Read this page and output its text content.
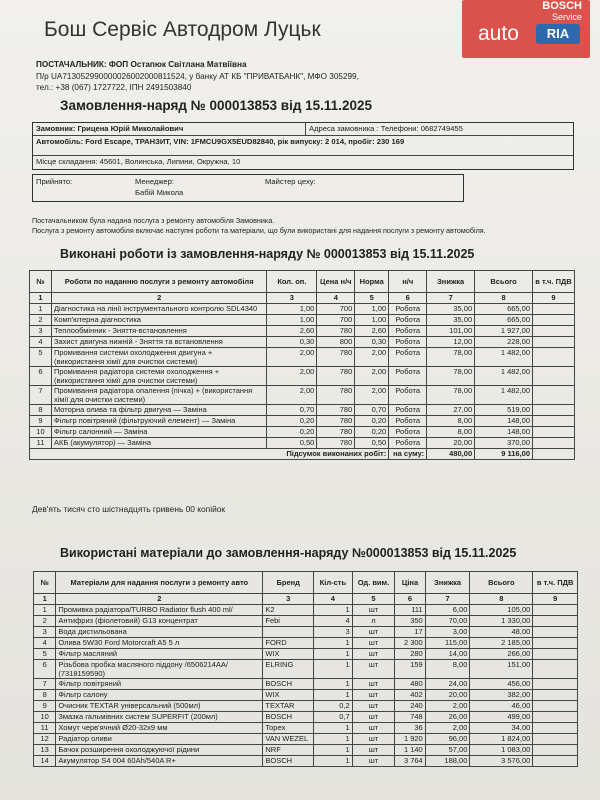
BOSCH
Service
auto	RIA
Бош Сервіс Автодром Луцьк
ПОСТАЧАЛЬНИК: ФОП Остапюк Світлана Матвіївна
П/р UA713052990000026002000811524, у банку АТ КБ "ПРИВАТБАНК", МФО 305299,
тел.: +38 (067) 1727722, ІПН 2491503840
Замовлення-наряд № 000013853 від 15.11.2025
Замовник: Грицена Юрій Миколайович	Адреса замовника : Телефони: 0682749455
Автомобіль: Ford Escape, ТРАНЗИТ, VIN: 1FMCU9GX5EUD82840, рік випуску: 2 014, пробіг: 230 169
Місце складання: 45601, Волинська, Липини, Окружна, 10
Прийнято:	Менеджер:
Бабій Микола
Майстер цеху:
Постачальником була надана послуга з ремонту автомобіля Замовника.
Послуга з ремонту автомобіля включає наступні роботи та матеріали, що були використані для надання послуги з ремонту автомобіля.
Виконані роботи із замовлення-наряду № 000013853 від 15.11.2025
№	Роботи по наданню послуги з ремонту автомобіля	Кол. оп.	Цена н/ч	Норма	н/ч	Знижка	Всього	в т.ч. ПДВ
1	2	3	4	5	6	7	8	9
1	Діагностика на лінії інструментального контролю SDL4340	1,00	700	1,00	Робота	35,00	665,00	
2	Комп'ютерна діагностика	1,00	700	1,00	Робота	35,00	665,00	
3	Теплообмінник - Зняття-встановлення	2,60	780	2,60	Робота	101,00	1 927,00	
4	Захист двигуна нижній - Зняття та встановлення	0,30	800	0,30	Робота	12,00	228,00	
5	Промивання системи охолодження двигуна + (використання хімії для очистки системи)	2,00	780	2,00	Робота	78,00	1 482,00	
6	Промивання радіатора системи охолодження + (використання хімії для очистки системи)	2,00	780	2,00	Робота	78,00	1 482,00	
7	Промивання радіатора опалення (пічка) + (використання хімії для очистки системи)	2,00	780	2,00	Робота	78,00	1 482,00	
8	Моторна олива та фільтр двигуна — Заміна	0,70	780	0,70	Робота	27,00	519,00	
9	Фільтр повітряний (фільтруючий елемент) — Заміна	0,20	780	0,20	Робота	8,00	148,00	
10	Фільтр салонний — Заміна	0,20	780	0,20	Робота	8,00	148,00	
11	АКБ (акумулятор) — Заміна	0,50	780	0,50	Робота	20,00	370,00	
Підсумок виконаних робіт:					на суму:	480,00	9 116,00	
Дев'ять тисяч сто шістнадцять гривень 00 копійок
Використані матеріали до замовлення-наряду №000013853 від 15.11.2025
№	Матеріали для надання послуги з ремонту авто	Бренд	Кіл-сть	Од. вим.	Ціна	Знижка	Всього	в т.ч. ПДВ
1	2	3	4	5	6	7	8	9
1	Промивка радіатора/TURBO Radiator flush 400 ml/	K2	1	шт	111	6,00	105,00	
2	Антифриз (фіолетовий) G13 концентрат	Febi	4	л	350	70,00	1 330,00	
3	Вода дистильована		3	шт	17	3,00	48,00	
4	Олива 5W30 Ford Motorcraft A5 5 л	FORD	1	шт	2 300	115,00	2 185,00	
5	Фільтр масляний	WIX	1	шт	280	14,00	266,00	
6	Різьбова пробка масляного піддону /6506214AA/ (7318159590)	ELRING	1	шт	159	8,00	151,00	
7	Фільтр повітряний	BOSCH	1	шт	480	24,00	456,00	
8	Фільтр салону	WIX	1	шт	402	20,00	382,00	
9	Очисник TEXTAR універсальний (500мл)	TEXTAR	0,2	шт	240	2,00	46,00	
10	Змазка гальмівних систем SUPERFIT (200мл)	BOSCH	0,7	шт	748	26,00	499,00	
11	Хомут черв'ячний Ø20-32х9 мм	Topex	1	шт	36	2,00	34,00	
12	Радіатор оливи	VAN WEZEL	1	шт	1 920	96,00	1 824,00	
13	Бачок розширення охолоджуючої рідини	NRF	1	шт	1 140	57,00	1 083,00	
14	Акумулятор S4 004 60Ah/540A R+	BOSCH	1	шт	3 764	188,00	3 576,00	
